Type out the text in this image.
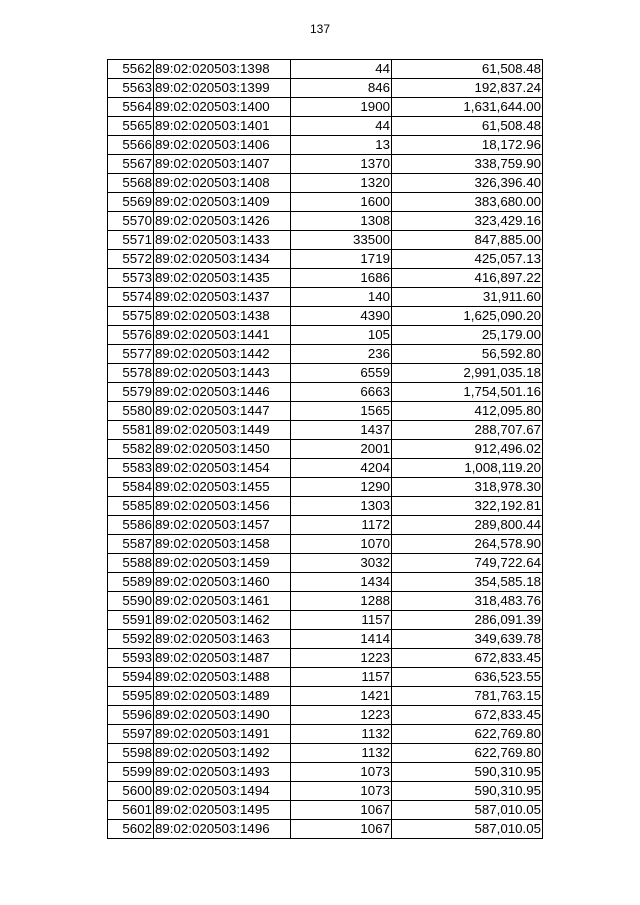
137
5562	89:02:020503:1398	44	61,508.48
5563	89:02:020503:1399	846	192,837.24
5564	89:02:020503:1400	1900	1,631,644.00
5565	89:02:020503:1401	44	61,508.48
5566	89:02:020503:1406	13	18,172.96
5567	89:02:020503:1407	1370	338,759.90
5568	89:02:020503:1408	1320	326,396.40
5569	89:02:020503:1409	1600	383,680.00
5570	89:02:020503:1426	1308	323,429.16
5571	89:02:020503:1433	33500	847,885.00
5572	89:02:020503:1434	1719	425,057.13
5573	89:02:020503:1435	1686	416,897.22
5574	89:02:020503:1437	140	31,911.60
5575	89:02:020503:1438	4390	1,625,090.20
5576	89:02:020503:1441	105	25,179.00
5577	89:02:020503:1442	236	56,592.80
5578	89:02:020503:1443	6559	2,991,035.18
5579	89:02:020503:1446	6663	1,754,501.16
5580	89:02:020503:1447	1565	412,095.80
5581	89:02:020503:1449	1437	288,707.67
5582	89:02:020503:1450	2001	912,496.02
5583	89:02:020503:1454	4204	1,008,119.20
5584	89:02:020503:1455	1290	318,978.30
5585	89:02:020503:1456	1303	322,192.81
5586	89:02:020503:1457	1172	289,800.44
5587	89:02:020503:1458	1070	264,578.90
5588	89:02:020503:1459	3032	749,722.64
5589	89:02:020503:1460	1434	354,585.18
5590	89:02:020503:1461	1288	318,483.76
5591	89:02:020503:1462	1157	286,091.39
5592	89:02:020503:1463	1414	349,639.78
5593	89:02:020503:1487	1223	672,833.45
5594	89:02:020503:1488	1157	636,523.55
5595	89:02:020503:1489	1421	781,763.15
5596	89:02:020503:1490	1223	672,833.45
5597	89:02:020503:1491	1132	622,769.80
5598	89:02:020503:1492	1132	622,769.80
5599	89:02:020503:1493	1073	590,310.95
5600	89:02:020503:1494	1073	590,310.95
5601	89:02:020503:1495	1067	587,010.05
5602	89:02:020503:1496	1067	587,010.05
